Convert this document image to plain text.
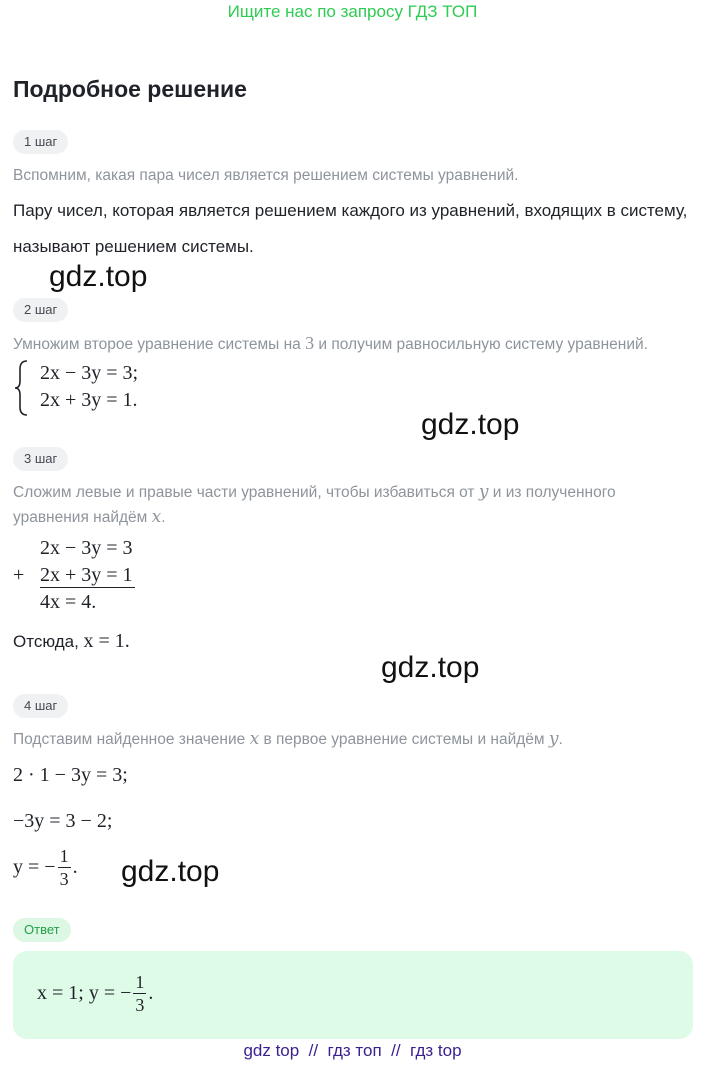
Ищите нас по запросу ГДЗ ТОП
Подробное решение
1 шаг
Вспомним, какая пара чисел является решением системы уравнений.
Пару чисел, которая является решением каждого из уравнений, входящих в систему, называют решением системы.
gdz.top
2 шаг
Умножим второе уравнение системы на 3 и получим равносильную систему уравнений.
2x − 3y = 3;
2x + 3y = 1.
gdz.top
3 шаг
Сложим левые и правые части уравнений, чтобы избавиться от y и из полученного
уравнения найдём x.
2x − 3y = 3
+ 2x + 3y = 1
4x = 4.
Отсюда, x = 1.
gdz.top
4 шаг
Подставим найденное значение x в первое уравнение системы и найдём y.
2 · 1 − 3y = 3;
−3y = 3 − 2;
y = − $\frac{1}{3}$ . gdz.top
Ответ
x = 1; y = − $\frac{1}{3}$ .
gdz top  //  гдз топ  //  гдз top
